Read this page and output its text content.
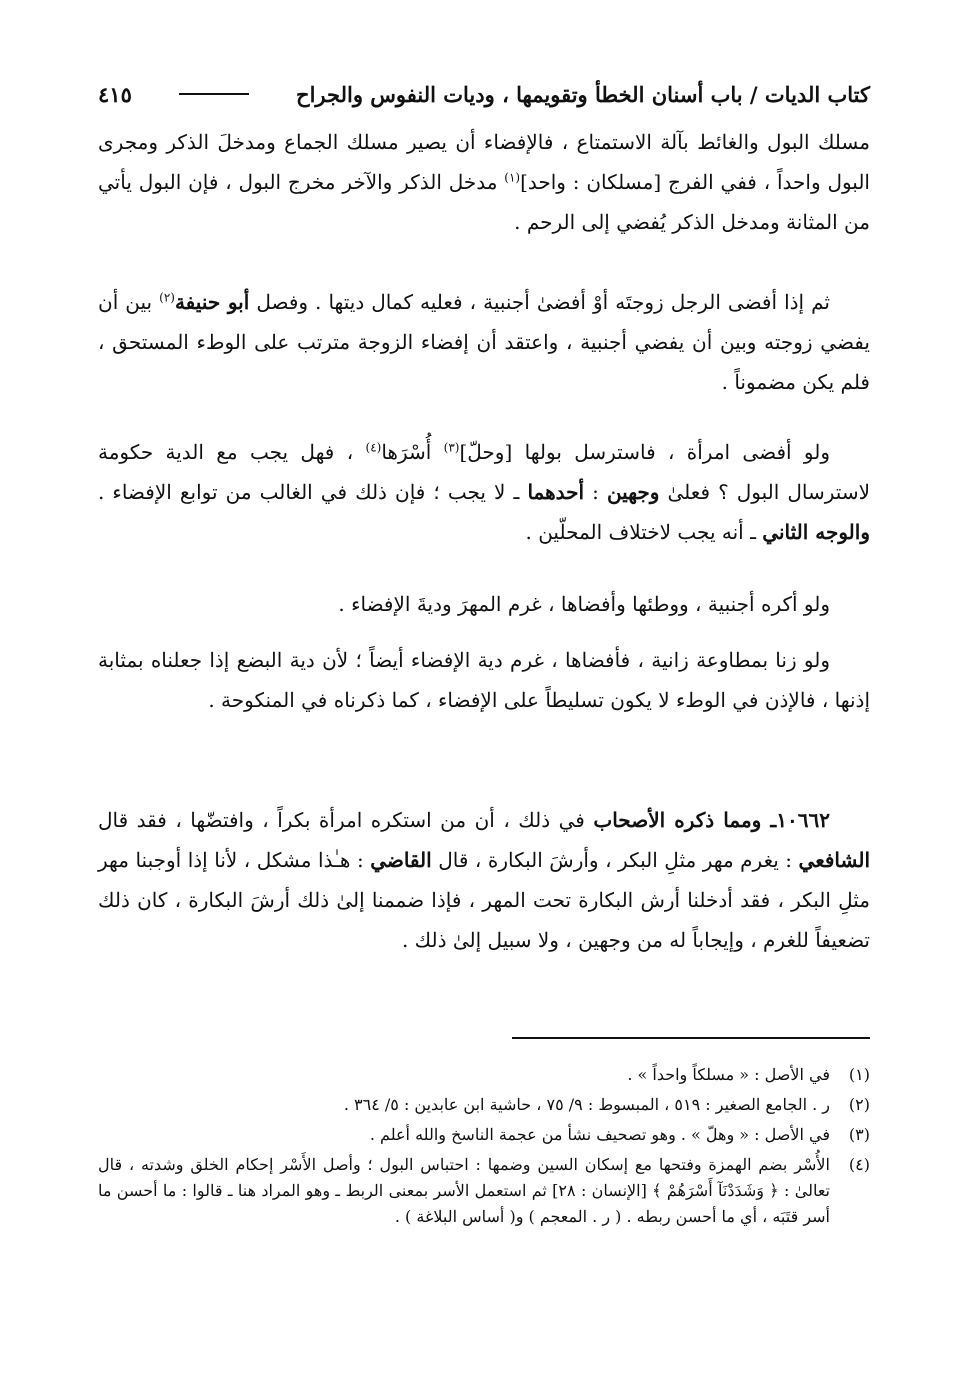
كتاب الديات / باب أسنان الخطأ وتقويمها ، وديات النفوس والجراح
٤١٥

مسلك البول والغائط بآلة الاستمتاع ، فالإفضاء أن يصير مسلك الجماع ومدخلَ الذكر ومجرى البول واحداً ، ففي الفرج [مسلكان : واحد]$^{(١)}$ مدخل الذكر والآخر مخرج البول ، فإن البول يأتي من المثانة ومدخل الذكر يُفضي إلى الرحم .

ثم إذا أفضى الرجل زوجتَه أوْ أفضىٰ أجنبية ، فعليه كمال ديتها . وفصل أبو حنيفة$^{(٢)}$ بين أن يفضي زوجته وبين أن يفضي أجنبية ، واعتقد أن إفضاء الزوجة مترتب على الوطء المستحق ، فلم يكن مضموناً .

ولو أفضى امرأة ، فاسترسل بولها [وحلّ]$^{(٣)}$ أُسْرَها$^{(٤)}$ ، فهل يجب مع الدية حكومة لاسترسال البول ؟ فعلىٰ وجهين : أحدهما ـ لا يجب ؛ فإن ذلك في الغالب من توابع الإفضاء . والوجه الثاني ـ أنه يجب لاختلاف المحلّين .

ولو أكره أجنبية ، ووطئها وأفضاها ، غرم المهرَ وديةَ الإفضاء .

ولو زنا بمطاوعة زانية ، فأفضاها ، غرم دية الإفضاء أيضاً ؛ لأن دية البضع إذا جعلناه بمثابة إذنها ، فالإذن في الوطء لا يكون تسليطاً على الإفضاء ، كما ذكرناه في المنكوحة .

١٠٦٦٢ـ ومما ذكره الأصحاب في ذلك ، أن من استكره امرأة بكراً ، وافتضّها ، فقد قال الشافعي : يغرم مهر مثلِ البكر ، وأرشَ البكارة ، قال القاضي : هـٰذا مشكل ، لأنا إذا أوجبنا مهر مثلِ البكر ، فقد أدخلنا أرش البكارة تحت المهر ، فإذا ضممنا إلىٰ ذلك أرشَ البكارة ، كان ذلك تضعيفاً للغرم ، وإيجاباً له من وجهين ، ولا سبيل إلىٰ ذلك .

(١)
في الأصل : « مسلكاً واحداً » .
(٢)
ر . الجامع الصغير : ٥١٩ ، المبسوط : ٩/ ٧٥ ، حاشية ابن عابدين : ٥/ ٣٦٤ .
(٣)
في الأصل : « وهلّ » . وهو تصحيف نشأ من عجمة الناسخ والله أعلم .
(٤)
الأُسْر بضم الهمزة وفتحها مع إسكان السين وضمها : احتباس البول ؛ وأصل الأَسْر إحكام الخلق وشدته ، قال تعالىٰ : ﴿ وَشَدَدْنَآ أَسْرَهُمْ ﴾ [الإنسان : ٢٨] ثم استعمل الأسر بمعنى الربط ـ وهو المراد هنا ـ قالوا : ما أحسن ما أسر قتَبَه ، أي ما أحسن ربطه . ( ر . المعجم ) و( أساس البلاغة ) .
